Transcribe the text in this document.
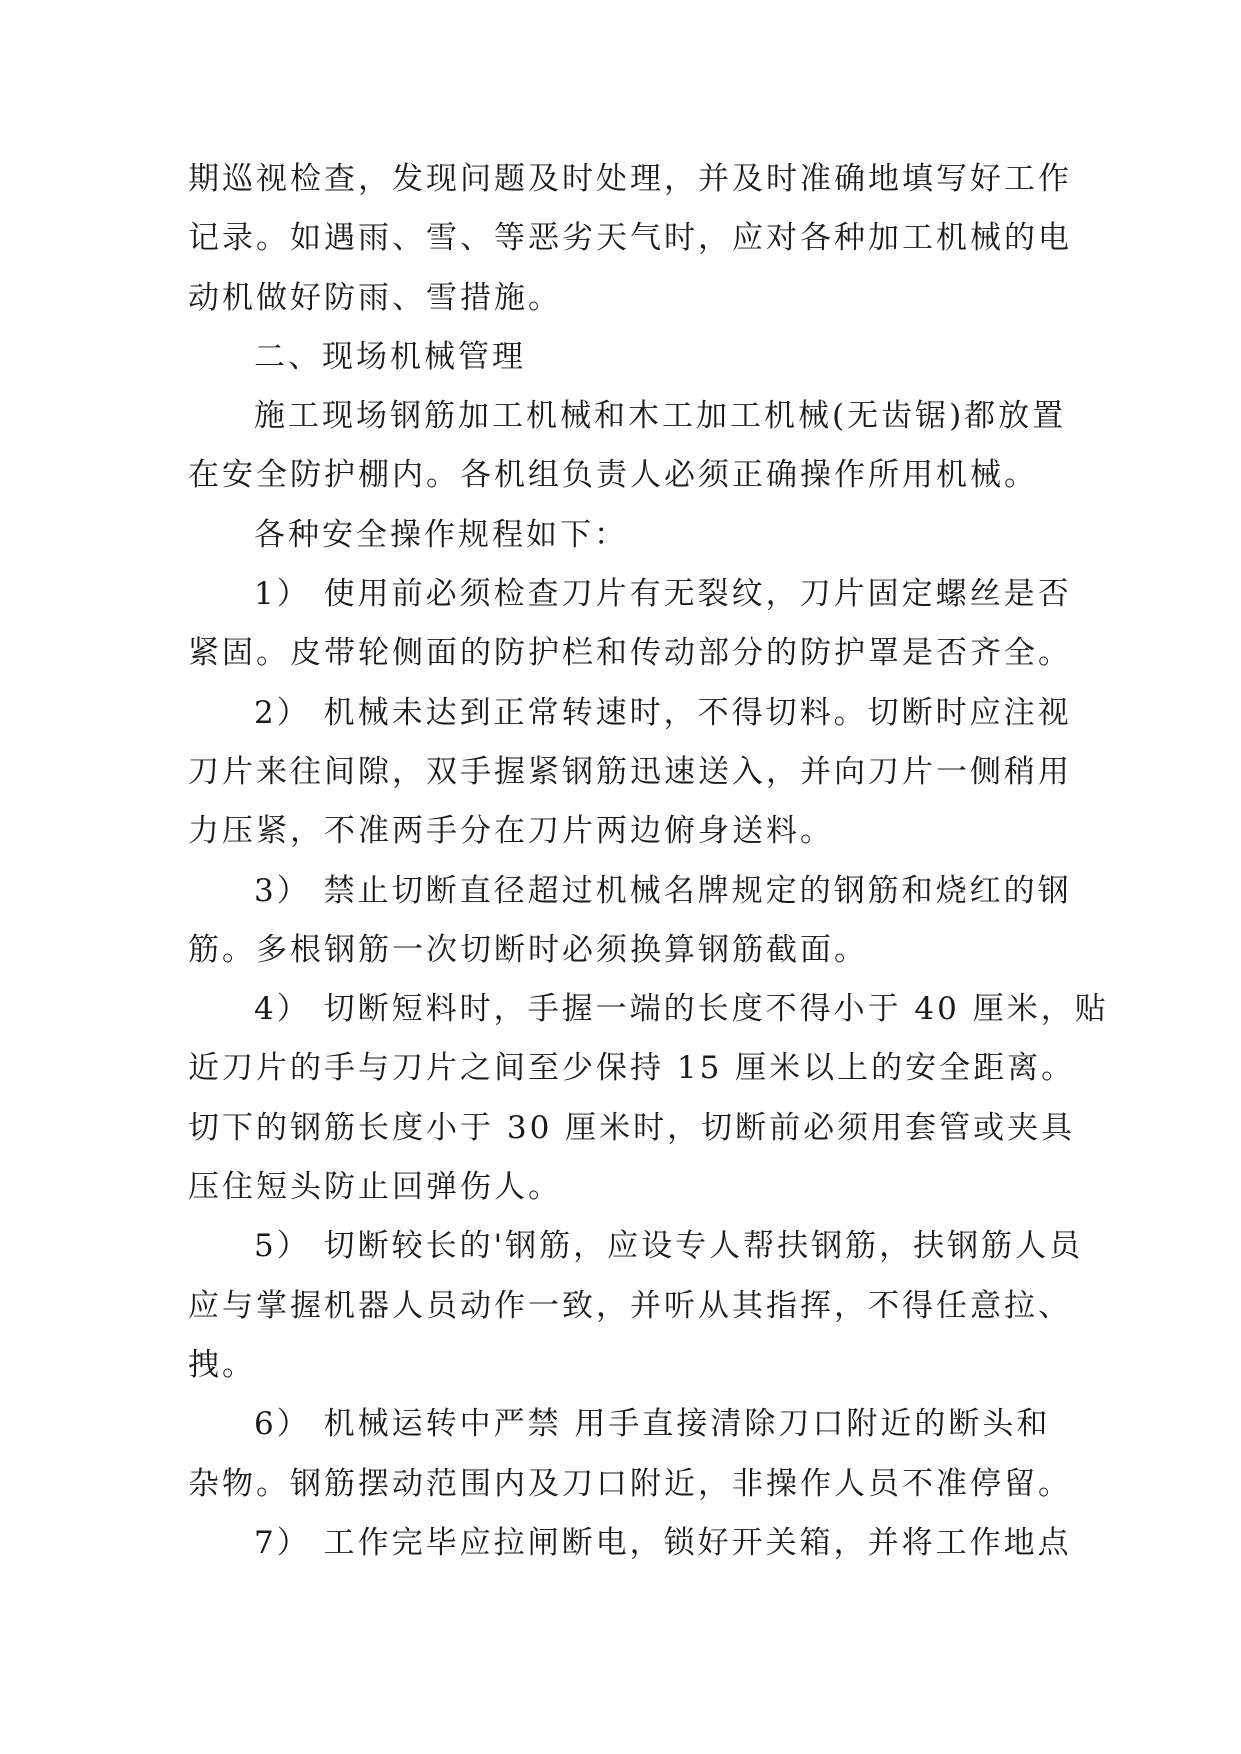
期巡视检查，发现问题及时处理，并及时准确地填写好工作
记录。如遇雨、雪、等恶劣天气时，应对各种加工机械的电
动机做好防雨、雪措施。
二、现场机械管理
施工现场钢筋加工机械和木工加工机械(无齿锯)都放置
在安全防护棚内。各机组负责人必须正确操作所用机械。
各种安全操作规程如下：
1） 使用前必须检查刀片有无裂纹，刀片固定螺丝是否
紧固。皮带轮侧面的防护栏和传动部分的防护罩是否齐全。
2） 机械未达到正常转速时，不得切料。切断时应注视
刀片来往间隙，双手握紧钢筋迅速送入，并向刀片一侧稍用
力压紧，不准两手分在刀片两边俯身送料。
3） 禁止切断直径超过机械名牌规定的钢筋和烧红的钢
筋。多根钢筋一次切断时必须换算钢筋截面。
4） 切断短料时，手握一端的长度不得小于 40 厘米，贴
近刀片的手与刀片之间至少保持 15 厘米以上的安全距离。
切下的钢筋长度小于 30 厘米时，切断前必须用套管或夹具
压住短头防止回弹伤人。
5） 切断较长的'钢筋，应设专人帮扶钢筋，扶钢筋人员
应与掌握机器人员动作一致，并听从其指挥，不得任意拉、
拽。
6） 机械运转中严禁 用手直接清除刀口附近的断头和
杂物。钢筋摆动范围内及刀口附近，非操作人员不准停留。
7） 工作完毕应拉闸断电，锁好开关箱，并将工作地点
